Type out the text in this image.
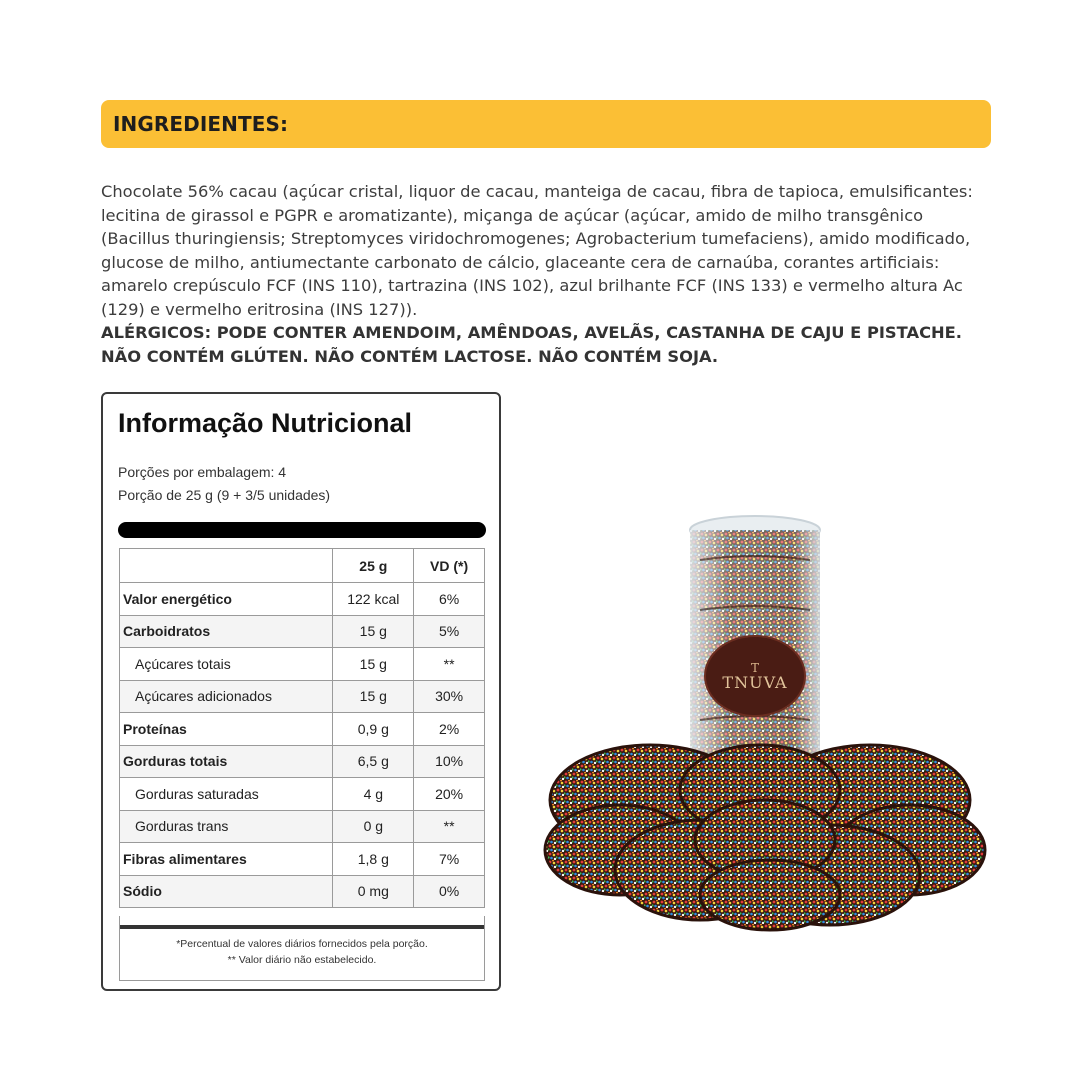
INGREDIENTES:

Chocolate 56% cacau (açúcar cristal, liquor de cacau, manteiga de cacau, fibra de tapioca, emulsificantes: lecitina de girassol e PGPR e aromatizante), miçanga de açúcar (açúcar, amido de milho transgênico (Bacillus thuringiensis; Streptomyces viridochromogenes; Agrobacterium tumefaciens), amido modificado, glucose de milho, antiumectante carbonato de cálcio, glaceante cera de carnaúba, corantes artificiais: amarelo crepúsculo FCF (INS 110), tartrazina (INS 102), azul brilhante FCF (INS 133) e vermelho altura Ac (129) e vermelho eritrosina (INS 127)).

ALÉRGICOS: PODE CONTER AMENDOIM, AMÊNDOAS, AVELÃS, CASTANHA DE CAJU E PISTACHE. NÃO CONTÉM GLÚTEN. NÃO CONTÉM LACTOSE. NÃO CONTÉM SOJA.

Informação Nutricional
Porções por embalagem: 4
Porção de 25 g (9 + 3/5 unidades)
	25 g	VD (*)
Valor energético	122 kcal	6%
Carboidratos	15 g	5%
Açúcares totais	15 g	**
Açúcares adicionados	15 g	30%
Proteínas	0,9 g	2%
Gorduras totais	6,5 g	10%
Gorduras saturadas	4 g	20%
Gorduras trans	0 g	**
Fibras alimentares	1,8 g	7%
Sódio	0 mg	0%
*Percentual de valores diários fornecidos pela porção.
** Valor diário não estabelecido.
T
TNUVA
